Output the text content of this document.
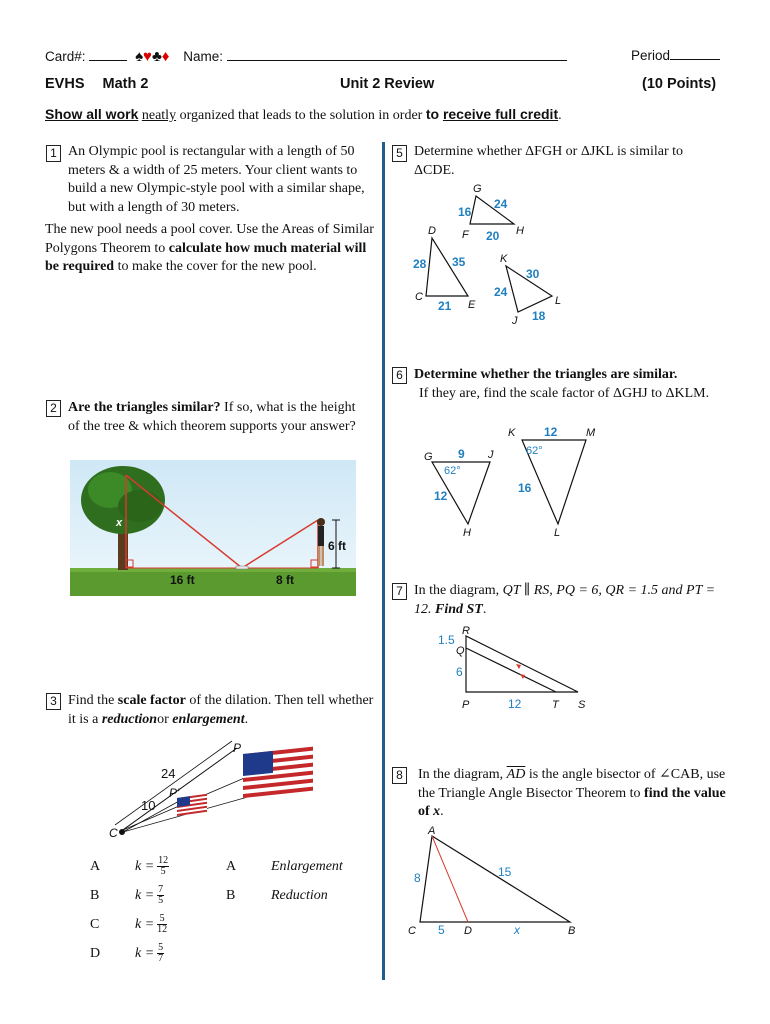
Card#:	♠♥♣♦ Name:	Period
EVHS Math 2	Unit 2 Review	(10 Points)
Show all work neatly organized that leads to the solution in order to receive full credit.
1 An Olympic pool is rectangular with a length of 50 meters & a width of 25 meters. Your client wants to build a new Olympic-style pool with a similar shape, but with a length of 30 meters.
The new pool needs a pool cover. Use the Areas of Similar Polygons Theorem to calculate how much material will be required to make the cover for the new pool.
2 Are the triangles similar? If so, what is the height of the tree & which theorem supports your answer?
x
16 ft	8 ft
6 ft
3 Find the scale factor of the dilation. Then tell whether it is a reductionor enlargement.
P
P'
C
24
10
A	$k = \frac{12}{5}$
B	$k = \frac{7}{5}$
C	$k = \frac{5}{12}$
D	$k = \frac{5}{7}$
A	Enlargement
B	Reduction
5 Determine whether ΔFGH or ΔJKL is similar to ΔCDE.
G
F	H
16
24
20
D
C
E
28 35
21
K
J
L
30
24
18
6 Determine whether the triangles are similar.
If they are, find the scale factor of ΔGHJ to ΔKLM.
G	J
H
9
12
62°
K	M
L
12
16
62°
7 In the diagram, QT ∥ RS, PQ = 6, QR = 1.5 and PT = 12. Find ST.
R
Q
P	T S
1.5
6
12
8 In the diagram, $\overline{AD}$ is the angle bisector of ∠CAB, use the Triangle Angle Bisector Theorem to find the value of x.
A
C	D	B
8	15
5	x
